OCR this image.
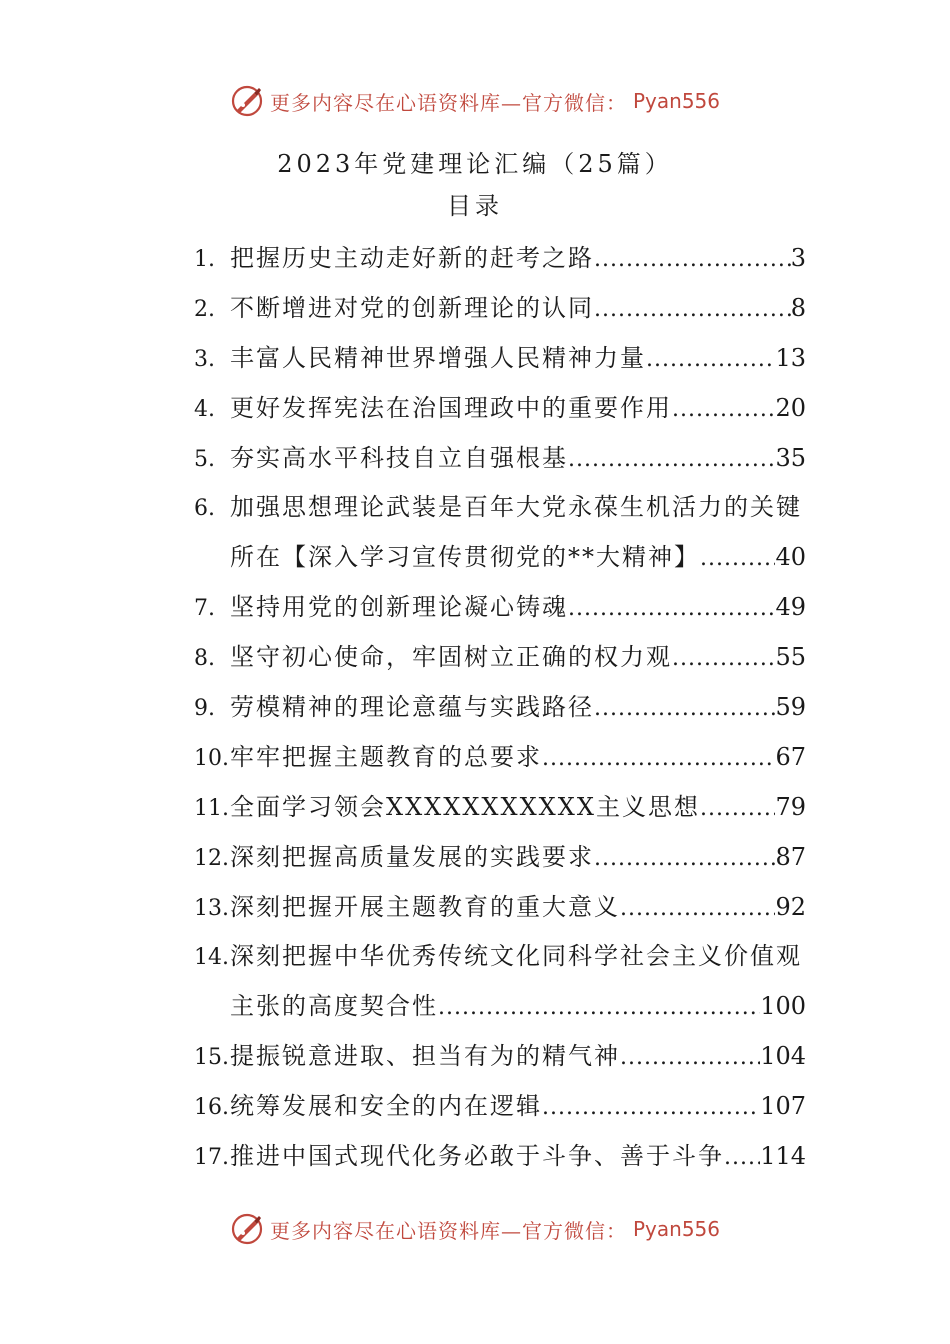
更多内容尽在心语资料库—官方微信： Pyan556
2023年党建理论汇编（25篇）
目录
1. 把握历史主动走好新的赶考之路 .....	3
2. 不断增进对党的创新理论的认同 .....	8
3. 丰富人民精神世界增强人民精神力量 .....	13
4. 更好发挥宪法在治国理政中的重要作用 .....	20
5. 夯实高水平科技自立自强根基 .....	35
6. 加强思想理论武装是百年大党永葆生机活力的关键
所在【深入学习宣传贯彻党的**大精神】 .....	40
7. 坚持用党的创新理论凝心铸魂 .....	49
8. 坚守初心使命，牢固树立正确的权力观 .....	55
9. 劳模精神的理论意蕴与实践路径 .....	59
10. 牢牢把握主题教育的总要求 .....	67
11. 全面学习领会XXXXXXXXXXX主义思想 .....	79
12. 深刻把握高质量发展的实践要求 .....	87
13. 深刻把握开展主题教育的重大意义 .....	92
14. 深刻把握中华优秀传统文化同科学社会主义价值观
主张的高度契合性 .....	100
15. 提振锐意进取、担当有为的精气神 .....	104
16. 统筹发展和安全的内在逻辑 .....	107
17. 推进中国式现代化务必敢于斗争、善于斗争 ..... 114
更多内容尽在心语资料库—官方微信： Pyan556
